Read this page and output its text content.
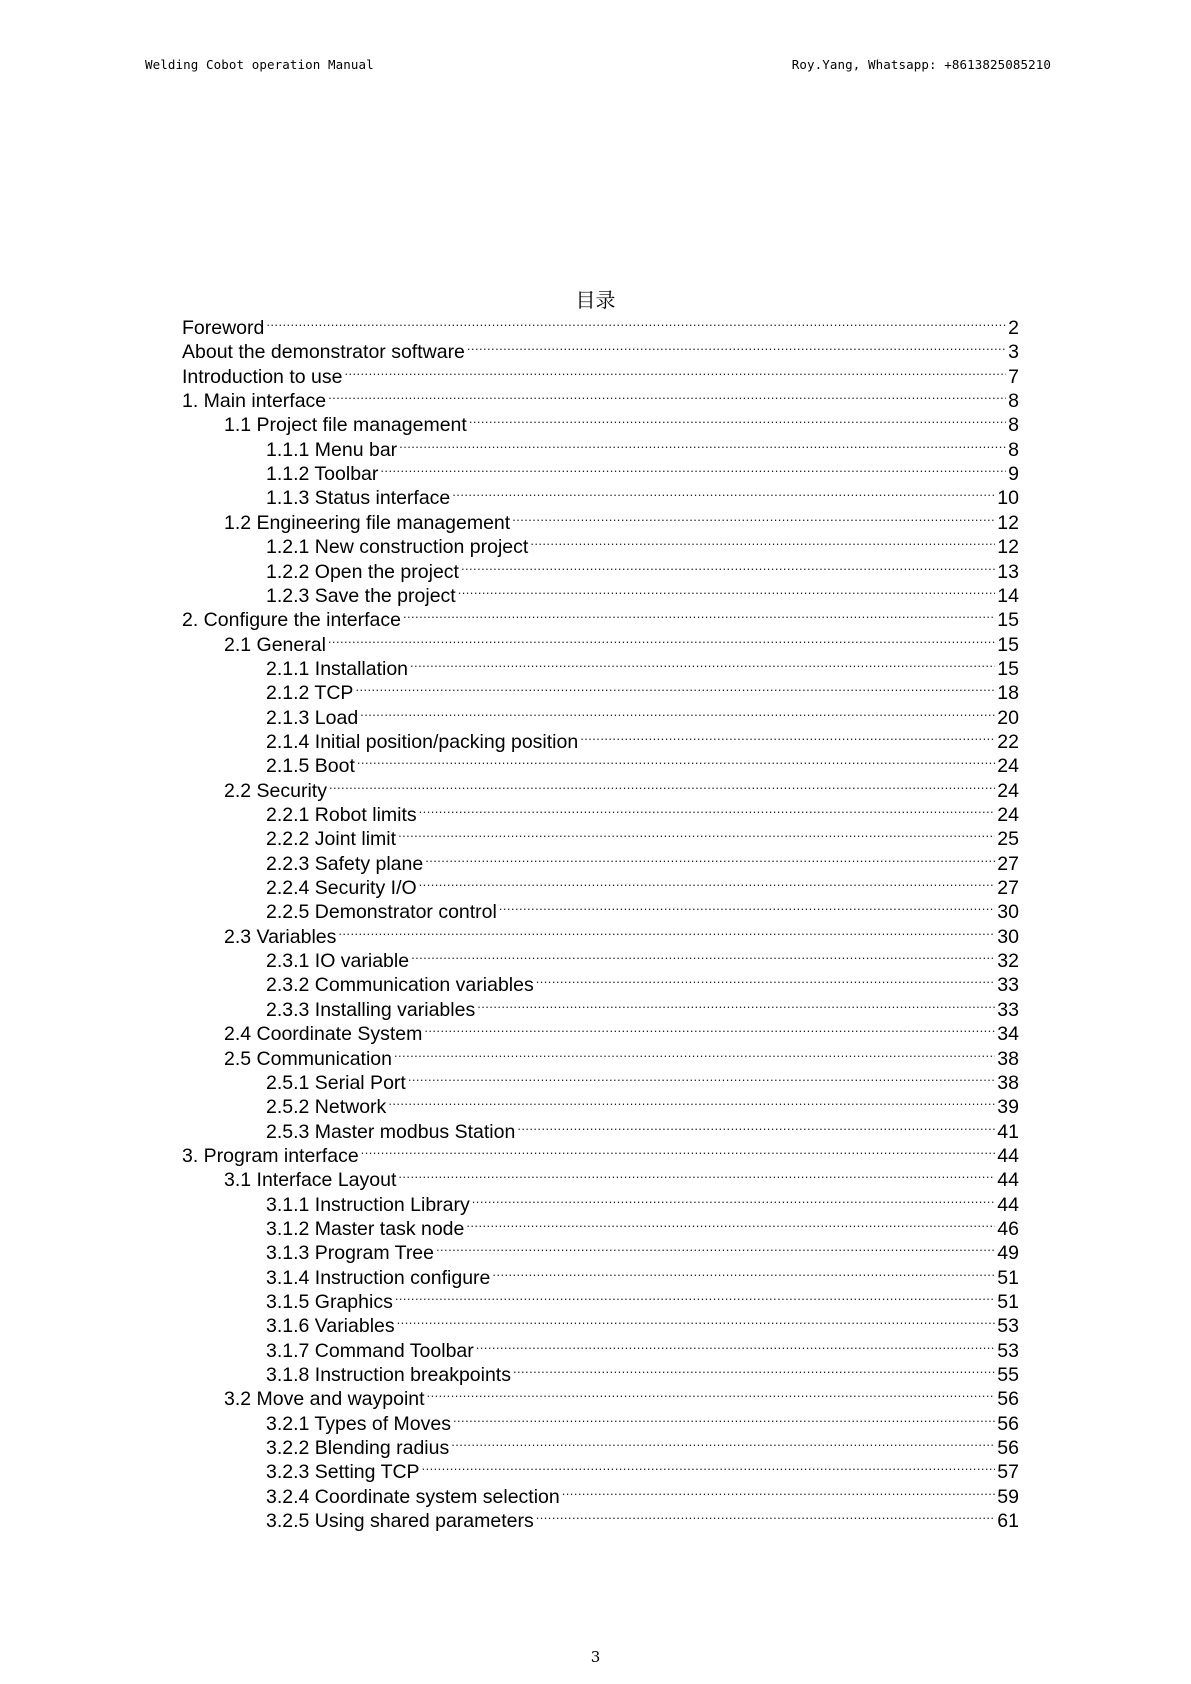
Welding Cobot operation Manual	Roy.Yang, Whatsapp: +8613825085210
目录
Foreword . . .	2
About the demonstrator software . . .	3
Introduction to use . . .	7
1. Main interface . . .	8
1.1 Project file management . . .	8
1.1.1 Menu bar . . .	8
1.1.2 Toolbar . . .	9
1.1.3 Status interface . . .	10
1.2 Engineering file management . . .	12
1.2.1 New construction project . . .	12
1.2.2 Open the project . . .	13
1.2.3 Save the project . . .	14
2. Configure the interface . . .	15
2.1 General . . .	15
2.1.1 Installation . . .	15
2.1.2 TCP . . .	18
2.1.3 Load . . .	20
2.1.4 Initial position/packing position . . .	22
2.1.5 Boot . . .	24
2.2 Security . . .	24
2.2.1 Robot limits . . .	24
2.2.2 Joint limit . . .	25
2.2.3 Safety plane . . .	27
2.2.4 Security I/O . . .	27
2.2.5 Demonstrator control . . .	30
2.3 Variables . . .	30
2.3.1 IO variable . . .	32
2.3.2 Communication variables . . .	33
2.3.3 Installing variables . . .	33
2.4 Coordinate System . . .	34
2.5 Communication . . .	38
2.5.1 Serial Port . . .	38
2.5.2 Network . . .	39
2.5.3 Master modbus Station . . .	41
3. Program interface . . .	44
3.1 Interface Layout . . .	44
3.1.1 Instruction Library . . .	44
3.1.2 Master task node . . .	46
3.1.3 Program Tree . . .	49
3.1.4 Instruction configure . . .	51
3.1.5 Graphics . . .	51
3.1.6 Variables . . .	53
3.1.7 Command Toolbar . . .	53
3.1.8 Instruction breakpoints . . .	55
3.2 Move and waypoint . . .	56
3.2.1 Types of Moves . . .	56
3.2.2 Blending radius . . .	56
3.2.3 Setting TCP . . .	57
3.2.4 Coordinate system selection . . .	59
3.2.5 Using shared parameters . . .	61
3
